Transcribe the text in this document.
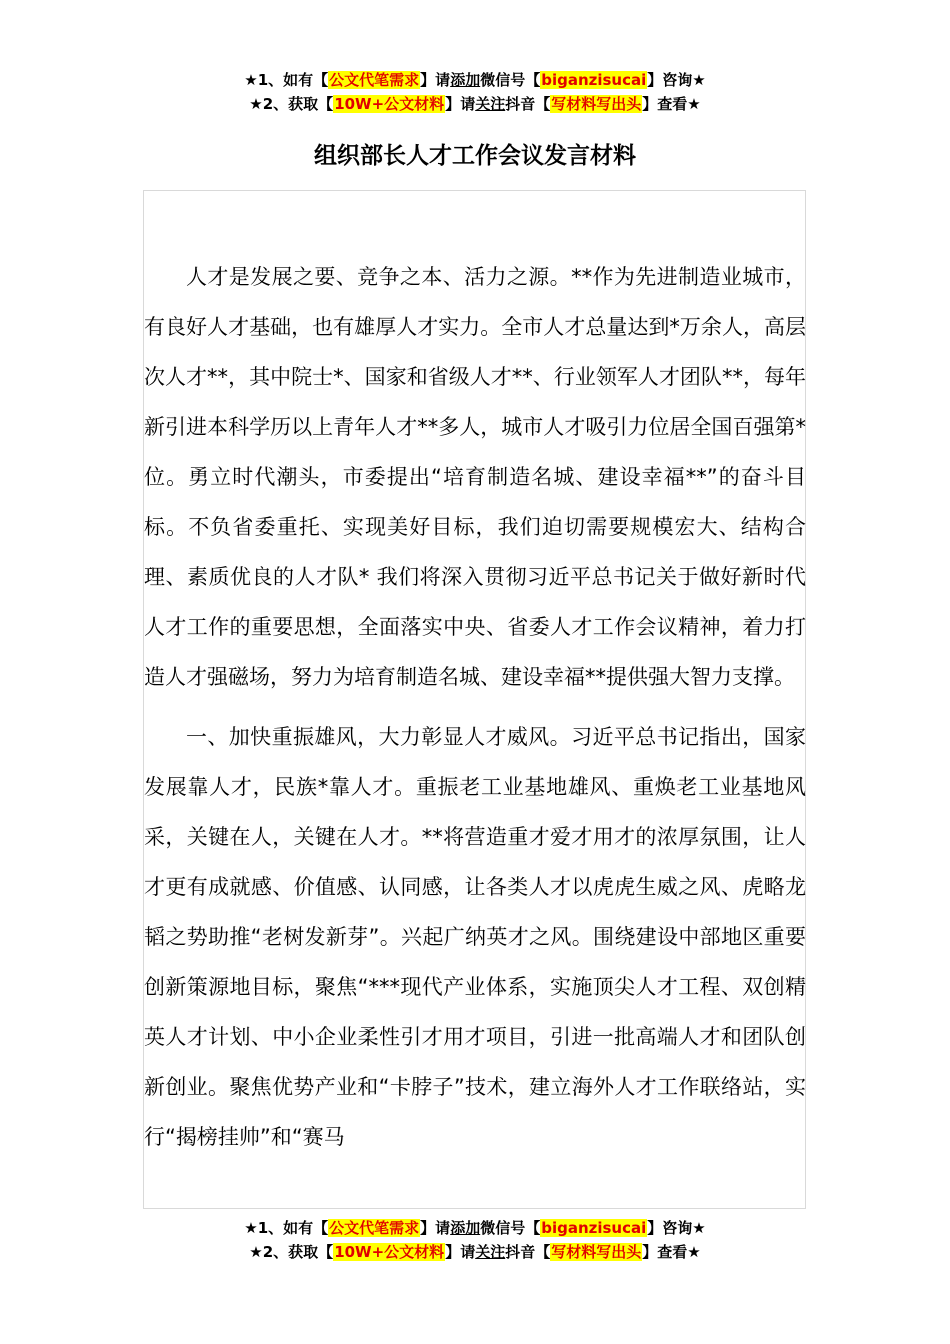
★1、如有【公文代笔需求】请添加微信号【biganzisucai】咨询★
★2、获取【10W+公文材料】请关注抖音【写材料写出头】查看★
组织部长人才工作会议发言材料

人才是发展之要、竞争之本、活力之源。**作为先进制造业城市，有良好人才基础，也有雄厚人才实力。全市人才总量达到*万余人，高层次人才**，其中院士*、国家和省级人才**、行业领军人才团队**，每年新引进本科学历以上青年人才**多人，城市人才吸引力位居全国百强第*位。勇立时代潮头，市委提出“培育制造名城、建设幸福**”的奋斗目标。不负省委重托、实现美好目标，我们迫切需要规模宏大、结构合理、素质优良的人才队* 我们将深入贯彻习近平总书记关于做好新时代人才工作的重要思想，全面落实中央、省委人才工作会议精神，着力打造人才强磁场，努力为培育制造名城、建设幸福**提供强大智力支撑。

一、加快重振雄风，大力彰显人才威风。习近平总书记指出，国家发展靠人才，民族*靠人才。重振老工业基地雄风、重焕老工业基地风采，关键在人，关键在人才。**将营造重才爱才用才的浓厚氛围，让人才更有成就感、价值感、认同感，让各类人才以虎虎生威之风、虎略龙韬之势助推“老树发新芽”。兴起广纳英才之风。围绕建设中部地区重要创新策源地目标，聚焦“***现代产业体系，实施顶尖人才工程、双创精英人才计划、中小企业柔性引才用才项目，引进一批高端人才和团队创新创业。聚焦优势产业和“卡脖子”技术，建立海外人才工作联络站，实行“揭榜挂帅”和“赛马

★1、如有【公文代笔需求】请添加微信号【biganzisucai】咨询★
★2、获取【10W+公文材料】请关注抖音【写材料写出头】查看★
